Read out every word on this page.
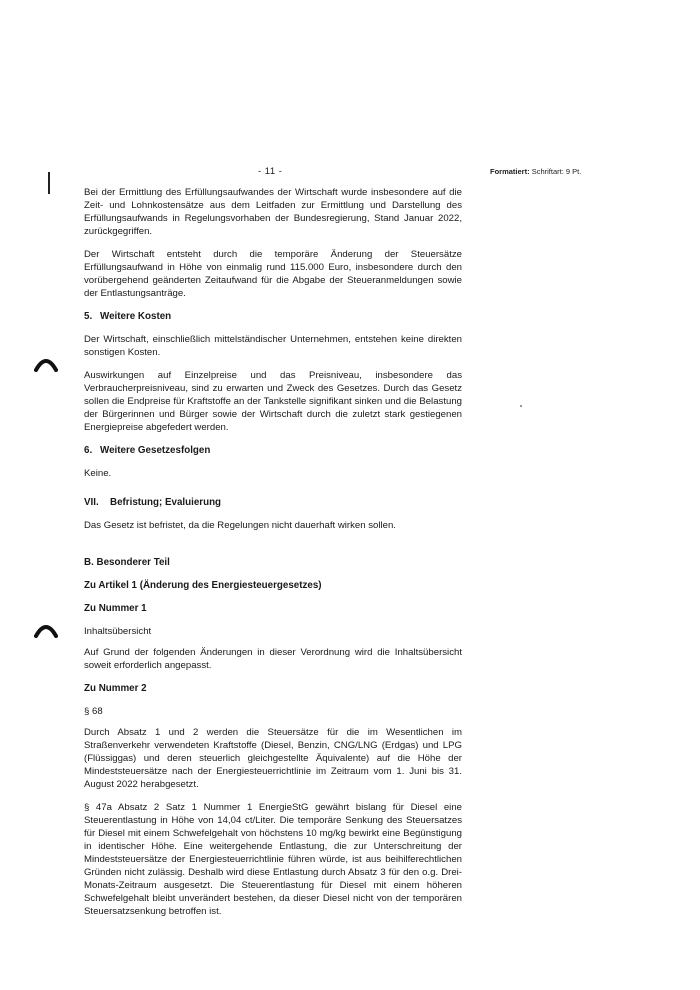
- 11 -	Formatiert: Schriftart: 9 Pt.

Bei der Ermittlung des Erfüllungsaufwandes der Wirtschaft wurde insbesondere auf die Zeit- und Lohnkostensätze aus dem Leitfaden zur Ermittlung und Darstellung des Erfüllungsaufwands in Regelungsvorhaben der Bundesregierung, Stand Januar 2022, zurückgegriffen.

Der Wirtschaft entsteht durch die temporäre Änderung der Steuersätze Erfüllungsaufwand in Höhe von einmalig rund 115.000 Euro, insbesondere durch den vorübergehend geänderten Zeitaufwand für die Abgabe der Steueranmeldungen sowie der Entlastungsanträge.

5. Weitere Kosten

Der Wirtschaft, einschließlich mittelständischer Unternehmen, entstehen keine direkten sonstigen Kosten.

Auswirkungen auf Einzelpreise und das Preisniveau, insbesondere das Verbraucherpreisniveau, sind zu erwarten und Zweck des Gesetzes. Durch das Gesetz sollen die Endpreise für Kraftstoffe an der Tankstelle signifikant sinken und die Belastung der Bürgerinnen und Bürger sowie der Wirtschaft durch die zuletzt stark gestiegenen Energiepreise abgefedert werden.

6. Weitere Gesetzesfolgen

Keine.

VII. Befristung; Evaluierung

Das Gesetz ist befristet, da die Regelungen nicht dauerhaft wirken sollen.

B. Besonderer Teil
Zu Artikel 1 (Änderung des Energiesteuergesetzes)
Zu Nummer 1

Inhaltsübersicht

Auf Grund der folgenden Änderungen in dieser Verordnung wird die Inhaltsübersicht soweit erforderlich angepasst.

Zu Nummer 2

§ 68

Durch Absatz 1 und 2 werden die Steuersätze für die im Wesentlichen im Straßenverkehr verwendeten Kraftstoffe (Diesel, Benzin, CNG/LNG (Erdgas) und LPG (Flüssiggas) und deren steuerlich gleichgestellte Äquivalente) auf die Höhe der Mindeststeuersätze nach der Energiesteuerrichtlinie im Zeitraum vom 1. Juni bis 31. August 2022 herabgesetzt.

§ 47a Absatz 2 Satz 1 Nummer 1 EnergieStG gewährt bislang für Diesel eine Steuerentlastung in Höhe von 14,04 ct/Liter. Die temporäre Senkung des Steuersatzes für Diesel mit einem Schwefelgehalt von höchstens 10 mg/kg bewirkt eine Begünstigung in identischer Höhe. Eine weitergehende Entlastung, die zur Unterschreitung der Mindeststeuersätze der Energiesteuerrichtlinie führen würde, ist aus beihilferechtlichen Gründen nicht zulässig. Deshalb wird diese Entlastung durch Absatz 3 für den o.g. Drei-Monats-Zeitraum ausgesetzt. Die Steuerentlastung für Diesel mit einem höheren Schwefelgehalt bleibt unverändert bestehen, da dieser Diesel nicht von der temporären Steuersatzsenkung betroffen ist.
